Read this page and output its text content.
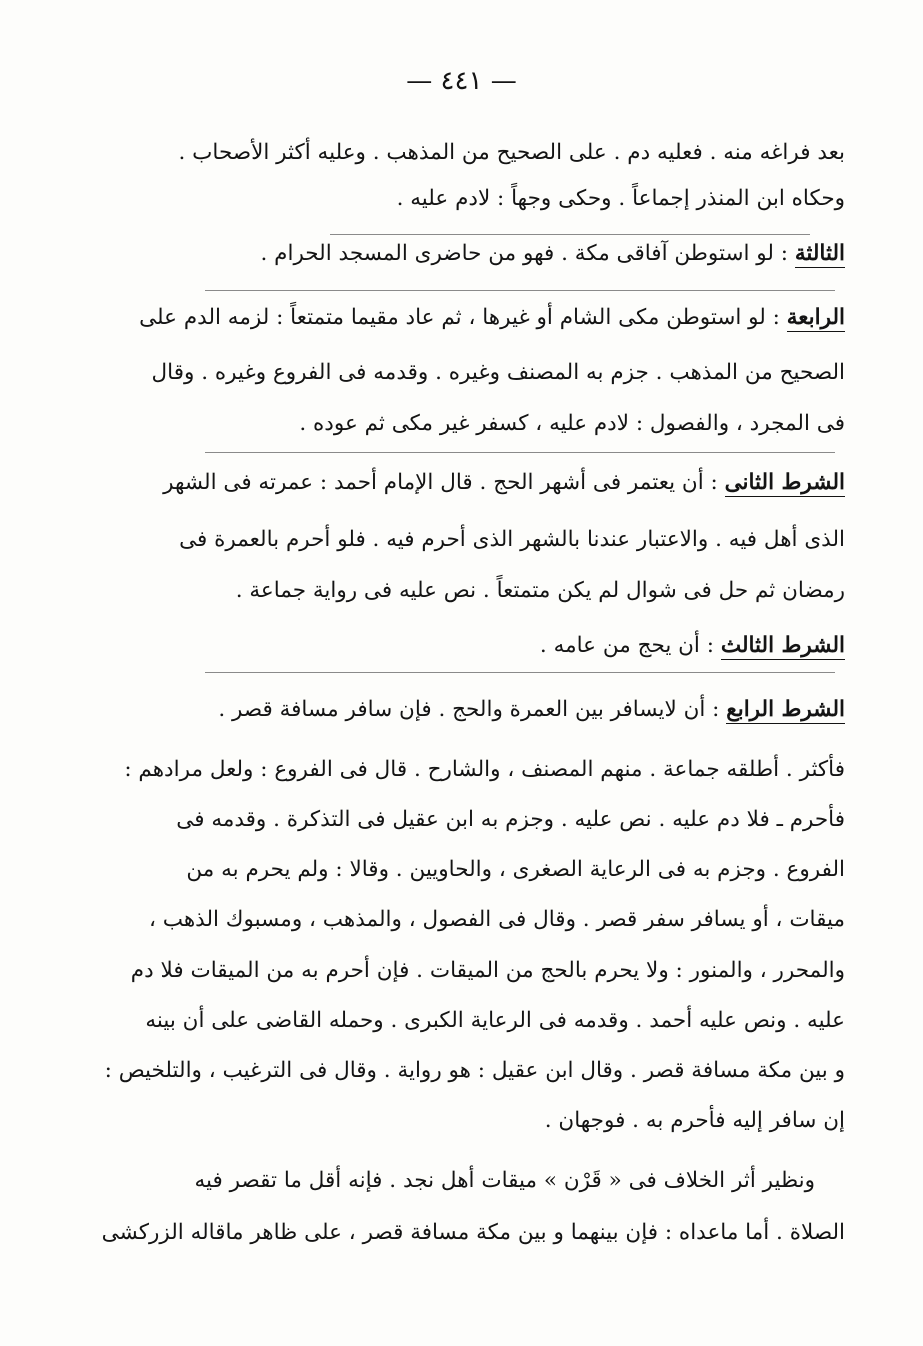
— ٤٤١ —
بعد فراغه منه . فعليه دم . على الصحيح من المذهب . وعليه أكثر الأصحاب .
وحكاه ابن المنذر إجماعاً . وحكى وجهاً : لادم عليه .
الثالثة : لو استوطن آفاقى مكة . فهو من حاضرى المسجد الحرام .
الرابعة : لو استوطن مكى الشام أو غيرها ، ثم عاد مقيما متمتعاً : لزمه الدم على
الصحيح من المذهب . جزم به المصنف وغيره . وقدمه فى الفروع وغيره . وقال
فى المجرد ، والفصول : لادم عليه ، كسفر غير مكى ثم عوده .
الشرط الثانى : أن يعتمر فى أشهر الحج . قال الإمام أحمد : عمرته فى الشهر
الذى أهل فيه . والاعتبار عندنا بالشهر الذى أحرم فيه . فلو أحرم بالعمرة فى
رمضان ثم حل فى شوال لم يكن متمتعاً . نص عليه فى رواية جماعة .
الشرط الثالث : أن يحج من عامه .
الشرط الرابع : أن لايسافر بين العمرة والحج . فإن سافر مسافة قصر .
فأكثر . أطلقه جماعة . منهم المصنف ، والشارح . قال فى الفروع : ولعل مرادهم :
فأحرم ـ فلا دم عليه . نص عليه . وجزم به ابن عقيل فى التذكرة . وقدمه فى
الفروع . وجزم به فى الرعاية الصغرى ، والحاويين . وقالا : ولم يحرم به من
ميقات ، أو يسافر سفر قصر . وقال فى الفصول ، والمذهب ، ومسبوك الذهب ،
والمحرر ، والمنور : ولا يحرم بالحج من الميقات . فإن أحرم به من الميقات فلا دم
عليه . ونص عليه أحمد . وقدمه فى الرعاية الكبرى . وحمله القاضى على أن بينه
و بين مكة مسافة قصر . وقال ابن عقيل : هو رواية . وقال فى الترغيب ، والتلخيص :
إن سافر إليه فأحرم به . فوجهان .
ونظير أثر الخلاف فى « قَرْن » ميقات أهل نجد . فإنه أقل ما تقصر فيه
الصلاة . أما ماعداه : فإن بينهما و بين مكة مسافة قصر ، على ظاهر ماقاله الزركشى
